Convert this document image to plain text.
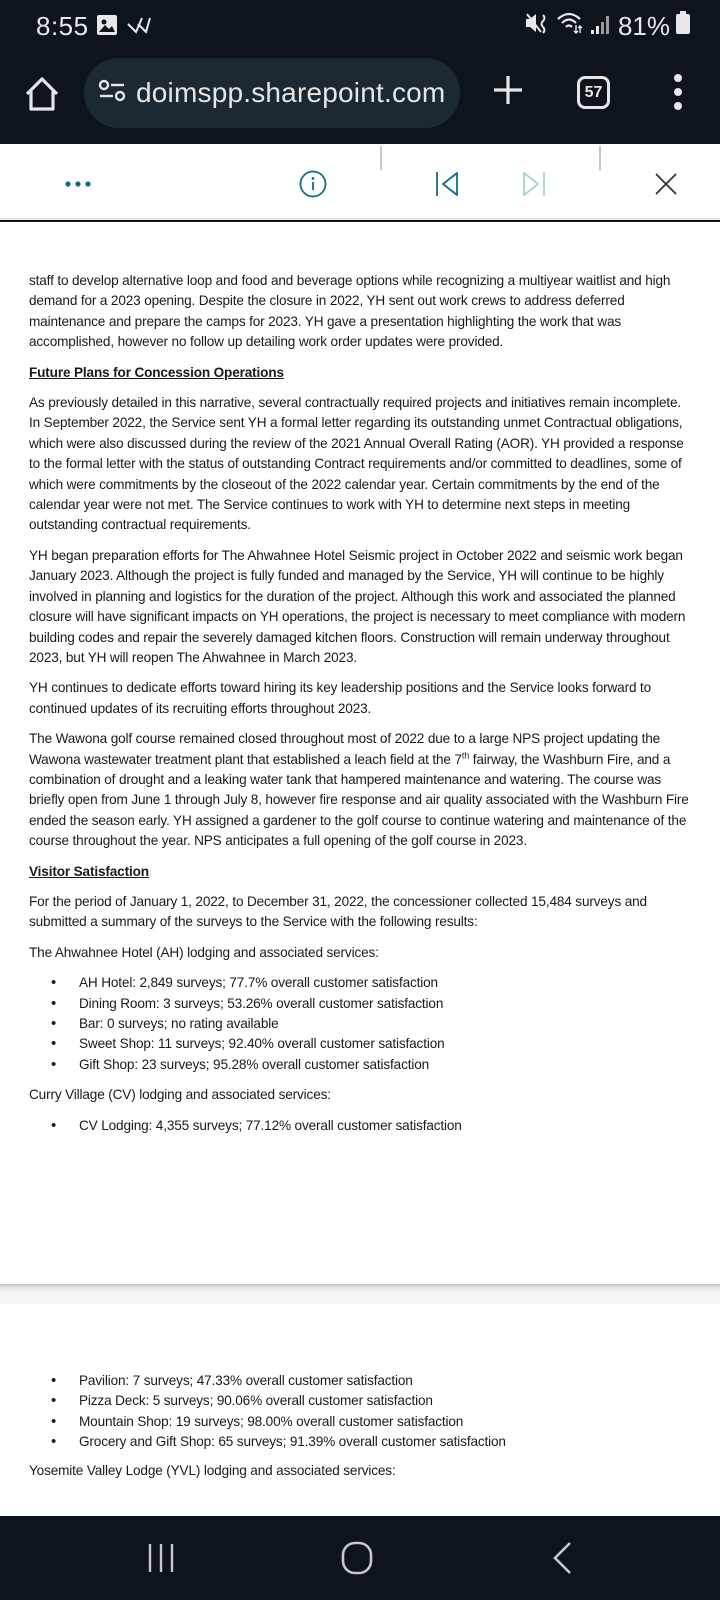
8:55	81%
doimspp.sharepoint.com	57

staff to develop alternative loop and food and beverage options while recognizing a multiyear waitlist and high demand for a 2023 opening. Despite the closure in 2022, YH sent out work crews to address deferred maintenance and prepare the camps for 2023. YH gave a presentation highlighting the work that was accomplished, however no follow up detailing work order updates were provided.

Future Plans for Concession Operations

As previously detailed in this narrative, several contractually required projects and initiatives remain incomplete. In September 2022, the Service sent YH a formal letter regarding its outstanding unmet Contractual obligations, which were also discussed during the review of the 2021 Annual Overall Rating (AOR). YH provided a response to the formal letter with the status of outstanding Contract requirements and/or committed to deadlines, some of which were commitments by the closeout of the 2022 calendar year. Certain commitments by the end of the calendar year were not met. The Service continues to work with YH to determine next steps in meeting outstanding contractual requirements.

YH began preparation efforts for The Ahwahnee Hotel Seismic project in October 2022 and seismic work began January 2023. Although the project is fully funded and managed by the Service, YH will continue to be highly involved in planning and logistics for the duration of the project. Although this work and associated the planned closure will have significant impacts on YH operations, the project is necessary to meet compliance with modern building codes and repair the severely damaged kitchen floors. Construction will remain underway throughout 2023, but YH will reopen The Ahwahnee in March 2023.

YH continues to dedicate efforts toward hiring its key leadership positions and the Service looks forward to continued updates of its recruiting efforts throughout 2023.

The Wawona golf course remained closed throughout most of 2022 due to a large NPS project updating the Wawona wastewater treatment plant that established a leach field at the 7th fairway, the Washburn Fire, and a combination of drought and a leaking water tank that hampered maintenance and watering. The course was briefly open from June 1 through July 8, however fire response and air quality associated with the Washburn Fire ended the season early. YH assigned a gardener to the golf course to continue watering and maintenance of the course throughout the year. NPS anticipates a full opening of the golf course in 2023.

Visitor Satisfaction

For the period of January 1, 2022, to December 31, 2022, the concessioner collected 15,484 surveys and submitted a summary of the surveys to the Service with the following results:

The Ahwahnee Hotel (AH) lodging and associated services:

• AH Hotel: 2,849 surveys; 77.7% overall customer satisfaction
• Dining Room: 3 surveys; 53.26% overall customer satisfaction
• Bar: 0 surveys; no rating available
• Sweet Shop: 11 surveys; 92.40% overall customer satisfaction
• Gift Shop: 23 surveys; 95.28% overall customer satisfaction

Curry Village (CV) lodging and associated services:

• CV Lodging: 4,355 surveys; 77.12% overall customer satisfaction
• Pavilion: 7 surveys; 47.33% overall customer satisfaction
• Pizza Deck: 5 surveys; 90.06% overall customer satisfaction
• Mountain Shop: 19 surveys; 98.00% overall customer satisfaction
• Grocery and Gift Shop: 65 surveys; 91.39% overall customer satisfaction

Yosemite Valley Lodge (YVL) lodging and associated services:
